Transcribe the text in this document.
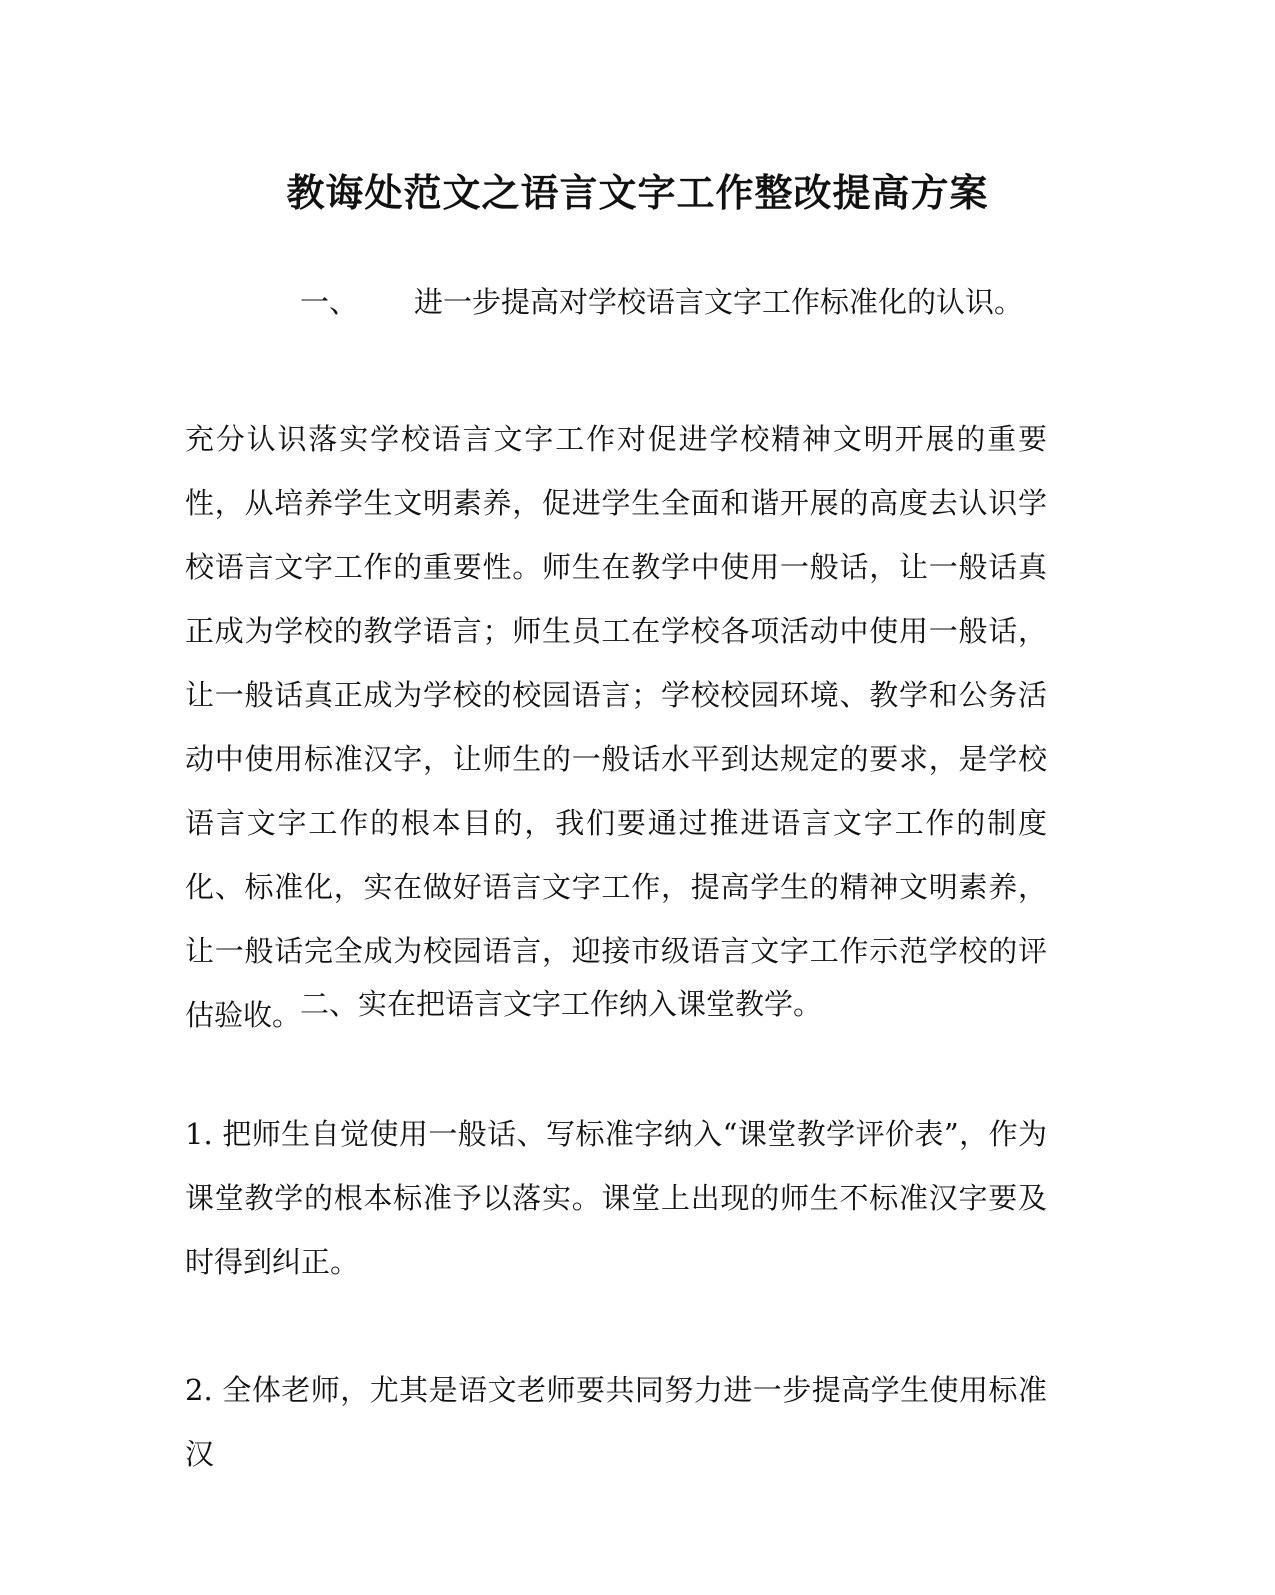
教诲处范文之语言文字工作整改提高方案
一、 进一步提高对学校语言文字工作标准化的认识。

充分认识落实学校语言文字工作对促进学校精神文明开展的重要性，从培养学生文明素养，促进学生全面和谐开展的高度去认识学校语言文字工作的重要性。师生在教学中使用一般话，让一般话真正成为学校的教学语言；师生员工在学校各项活动中使用一般话，让一般话真正成为学校的校园语言；学校校园环境、教学和公务活动中使用标准汉字，让师生的一般话水平到达规定的要求，是学校语言文字工作的根本目的，我们要通过推进语言文字工作的制度化、标准化，实在做好语言文字工作，提高学生的精神文明素养，让一般话完全成为校园语言，迎接市级语言文字工作示范学校的评估验收。

二、实在把语言文字工作纳入课堂教学。

1. 把师生自觉使用一般话、写标准字纳入“课堂教学评价表”，作为课堂教学的根本标准予以落实。课堂上出现的师生不标准汉字要及时得到纠正。

2. 全体老师，尤其是语文老师要共同努力进一步提高学生使用标准汉
